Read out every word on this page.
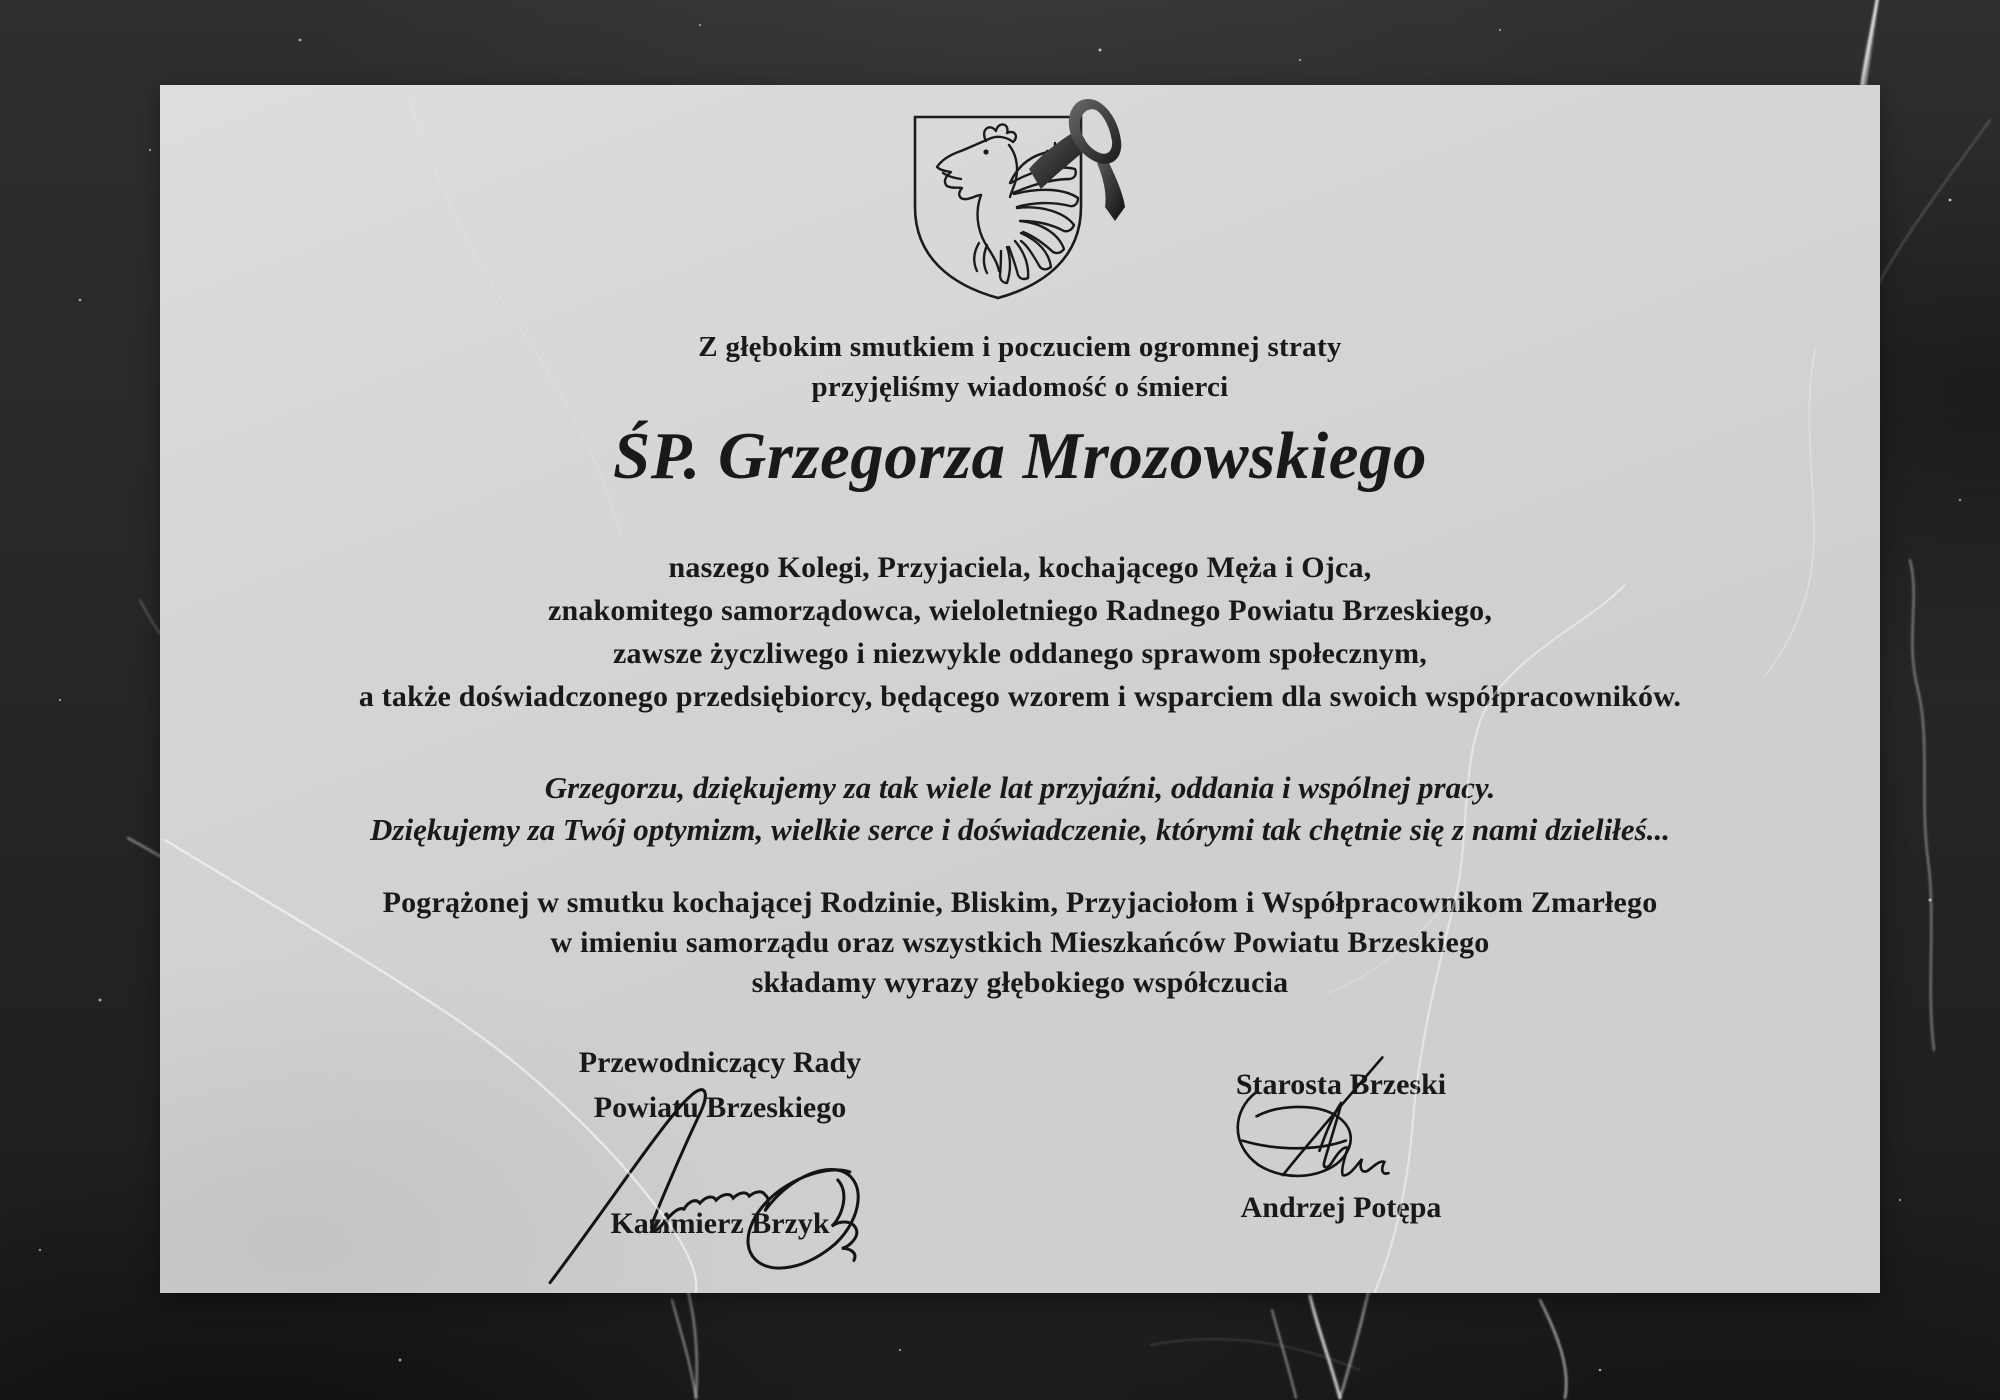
Z głębokim smutkiem i poczuciem ogromnej straty
przyjęliśmy wiadomość o śmierci
ŚP. Grzegorza Mrozowskiego
naszego Kolegi, Przyjaciela, kochającego Męża i Ojca,
znakomitego samorządowca, wieloletniego Radnego Powiatu Brzeskiego,
zawsze życzliwego i niezwykle oddanego sprawom społecznym,
a także doświadczonego przedsiębiorcy, będącego wzorem i wsparciem dla swoich współpracowników.
Grzegorzu, dziękujemy za tak wiele lat przyjaźni, oddania i wspólnej pracy.
Dziękujemy za Twój optymizm, wielkie serce i doświadczenie, którymi tak chętnie się z nami dzieliłeś...
Pogrążonej w smutku kochającej Rodzinie, Bliskim, Przyjaciołom i Współpracownikom Zmarłego
w imieniu samorządu oraz wszystkich Mieszkańców Powiatu Brzeskiego
składamy wyrazy głębokiego współczucia
Przewodniczący Rady
Powiatu Brzeskiego
Kazimierz Brzyk
Starosta Brzeski
Andrzej Potępa
